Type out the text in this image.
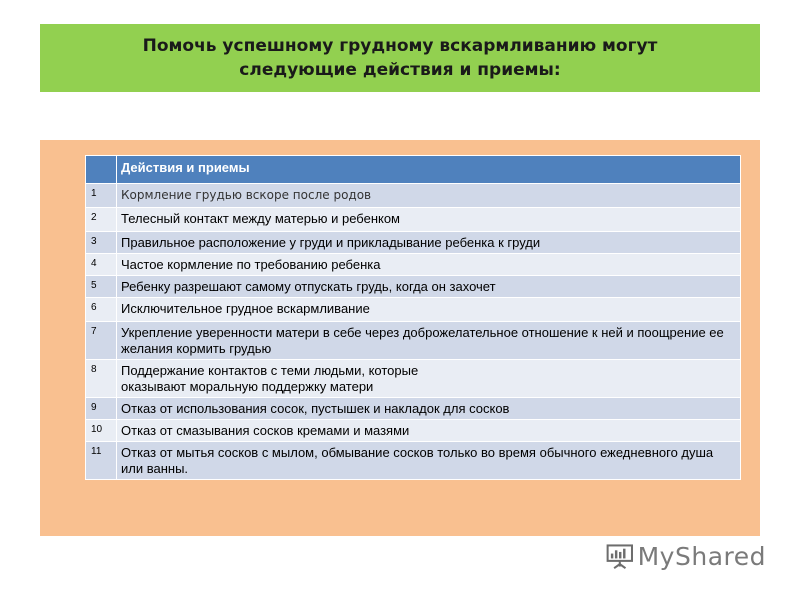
Помочь успешному грудному вскармливанию могут
следующие действия и приемы:
	Действия и приемы
1	Кормление грудью вскоре после родов
2	Телесный контакт между матерью и ребенком
3	Правильное расположение у груди и прикладывание ребенка к груди
4	Частое кормление по требованию ребенка
5	Ребенку разрешают самому отпускать грудь, когда он захочет
6	Исключительное грудное вскармливание
7	Укрепление уверенности матери в себе через доброжелательное отношение к ней и поощрение ее желания кормить грудью
8	Поддержание контактов с теми людьми, которые
оказывают моральную поддержку матери
9	Отказ от использования сосок, пустышек и накладок для сосков
10	Отказ от смазывания сосков кремами и мазями
11	Отказ от мытья сосков с мылом, обмывание сосков только во время обычного ежедневного душа или ванны.
MyShared
